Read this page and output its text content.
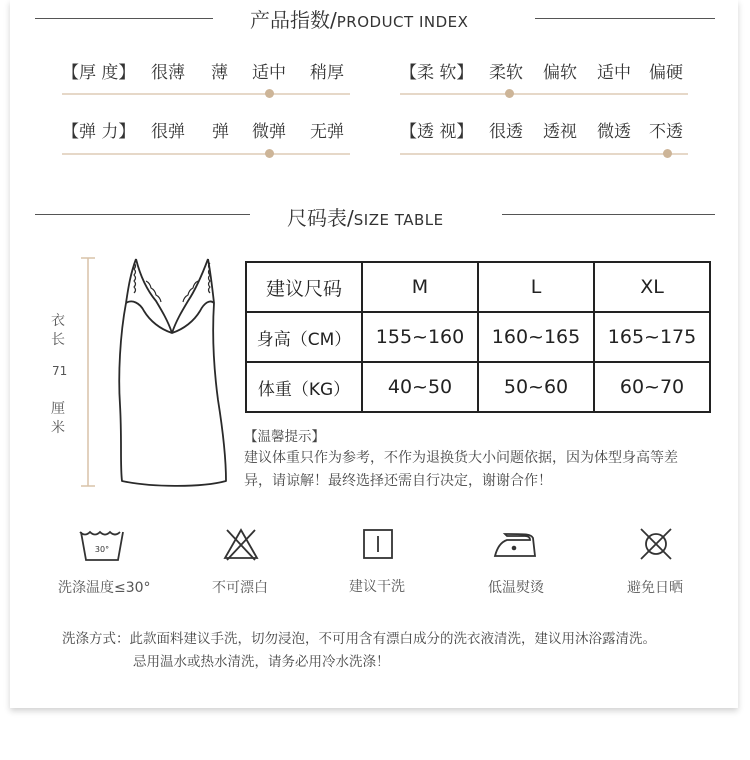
产品指数/PRODUCT INDEX
【厚 度】 很薄 薄 适中 稍厚	【柔 软】 柔软 偏软 适中 偏硬
【弹 力】 很弹 弹 微弹 无弹	【透 视】 很透 透视 微透 不透
尺码表/SIZE TABLE
衣
长
71
厘
米
建议尺码	M	L	XL
身高（CM）	155~160	160~165	165~175
体重（KG）	40~50	50~60	60~70
【温馨提示】
建议体重只作为参考，不作为退换货大小问题依据，因为体型身高等差
异，请谅解！最终选择还需自行决定，谢谢合作！
30°
洗涤温度≤30°	不可漂白	建议干洗	低温熨烫	避免日晒
洗涤方式：此款面料建议手洗，切勿浸泡，不可用含有漂白成分的洗衣液清洗，建议用沐浴露清洗。
忌用温水或热水清洗，请务必用冷水洗涤！
